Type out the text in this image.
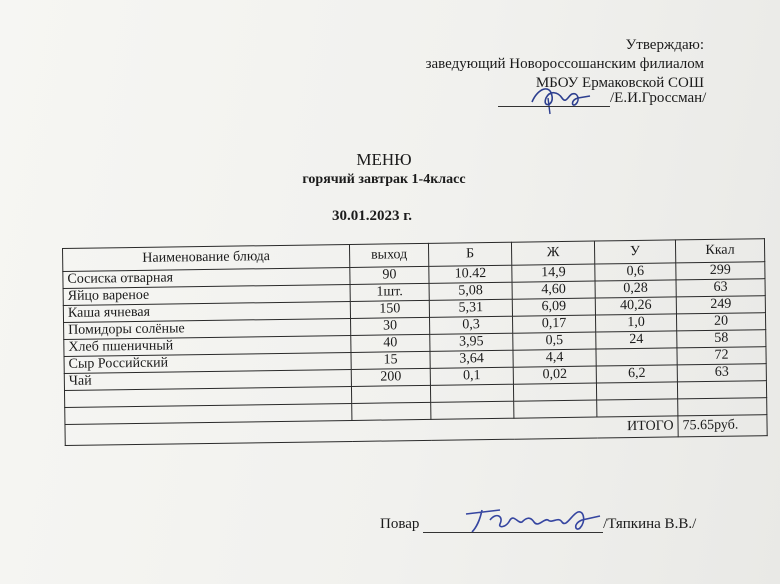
Утверждаю:
заведующий Новороссошанским филиалом
МБОУ Ермаковской СОШ
/Е.И.Гроссман/
МЕНЮ
горячий завтрак 1-4класс
30.01.2023 г.
Наименование блюда	выход	Б	Ж	У	Ккал
Сосиска отварная	90	10.42	14,9	0,6	299
Яйцо вареное	1шт.	5,08	4,60	0,28	63
Каша ячневая	150	5,31	6,09	40,26	249
Помидоры солёные	30	0,3	0,17	1,0	20
Хлеб пшеничный	40	3,95	0,5	24	58
Сыр Российский	15	3,64	4,4		72
Чай	200	0,1	0,02	6,2	63

ИТОГО					75.65руб.
Повар	/Тяпкина В.В./
